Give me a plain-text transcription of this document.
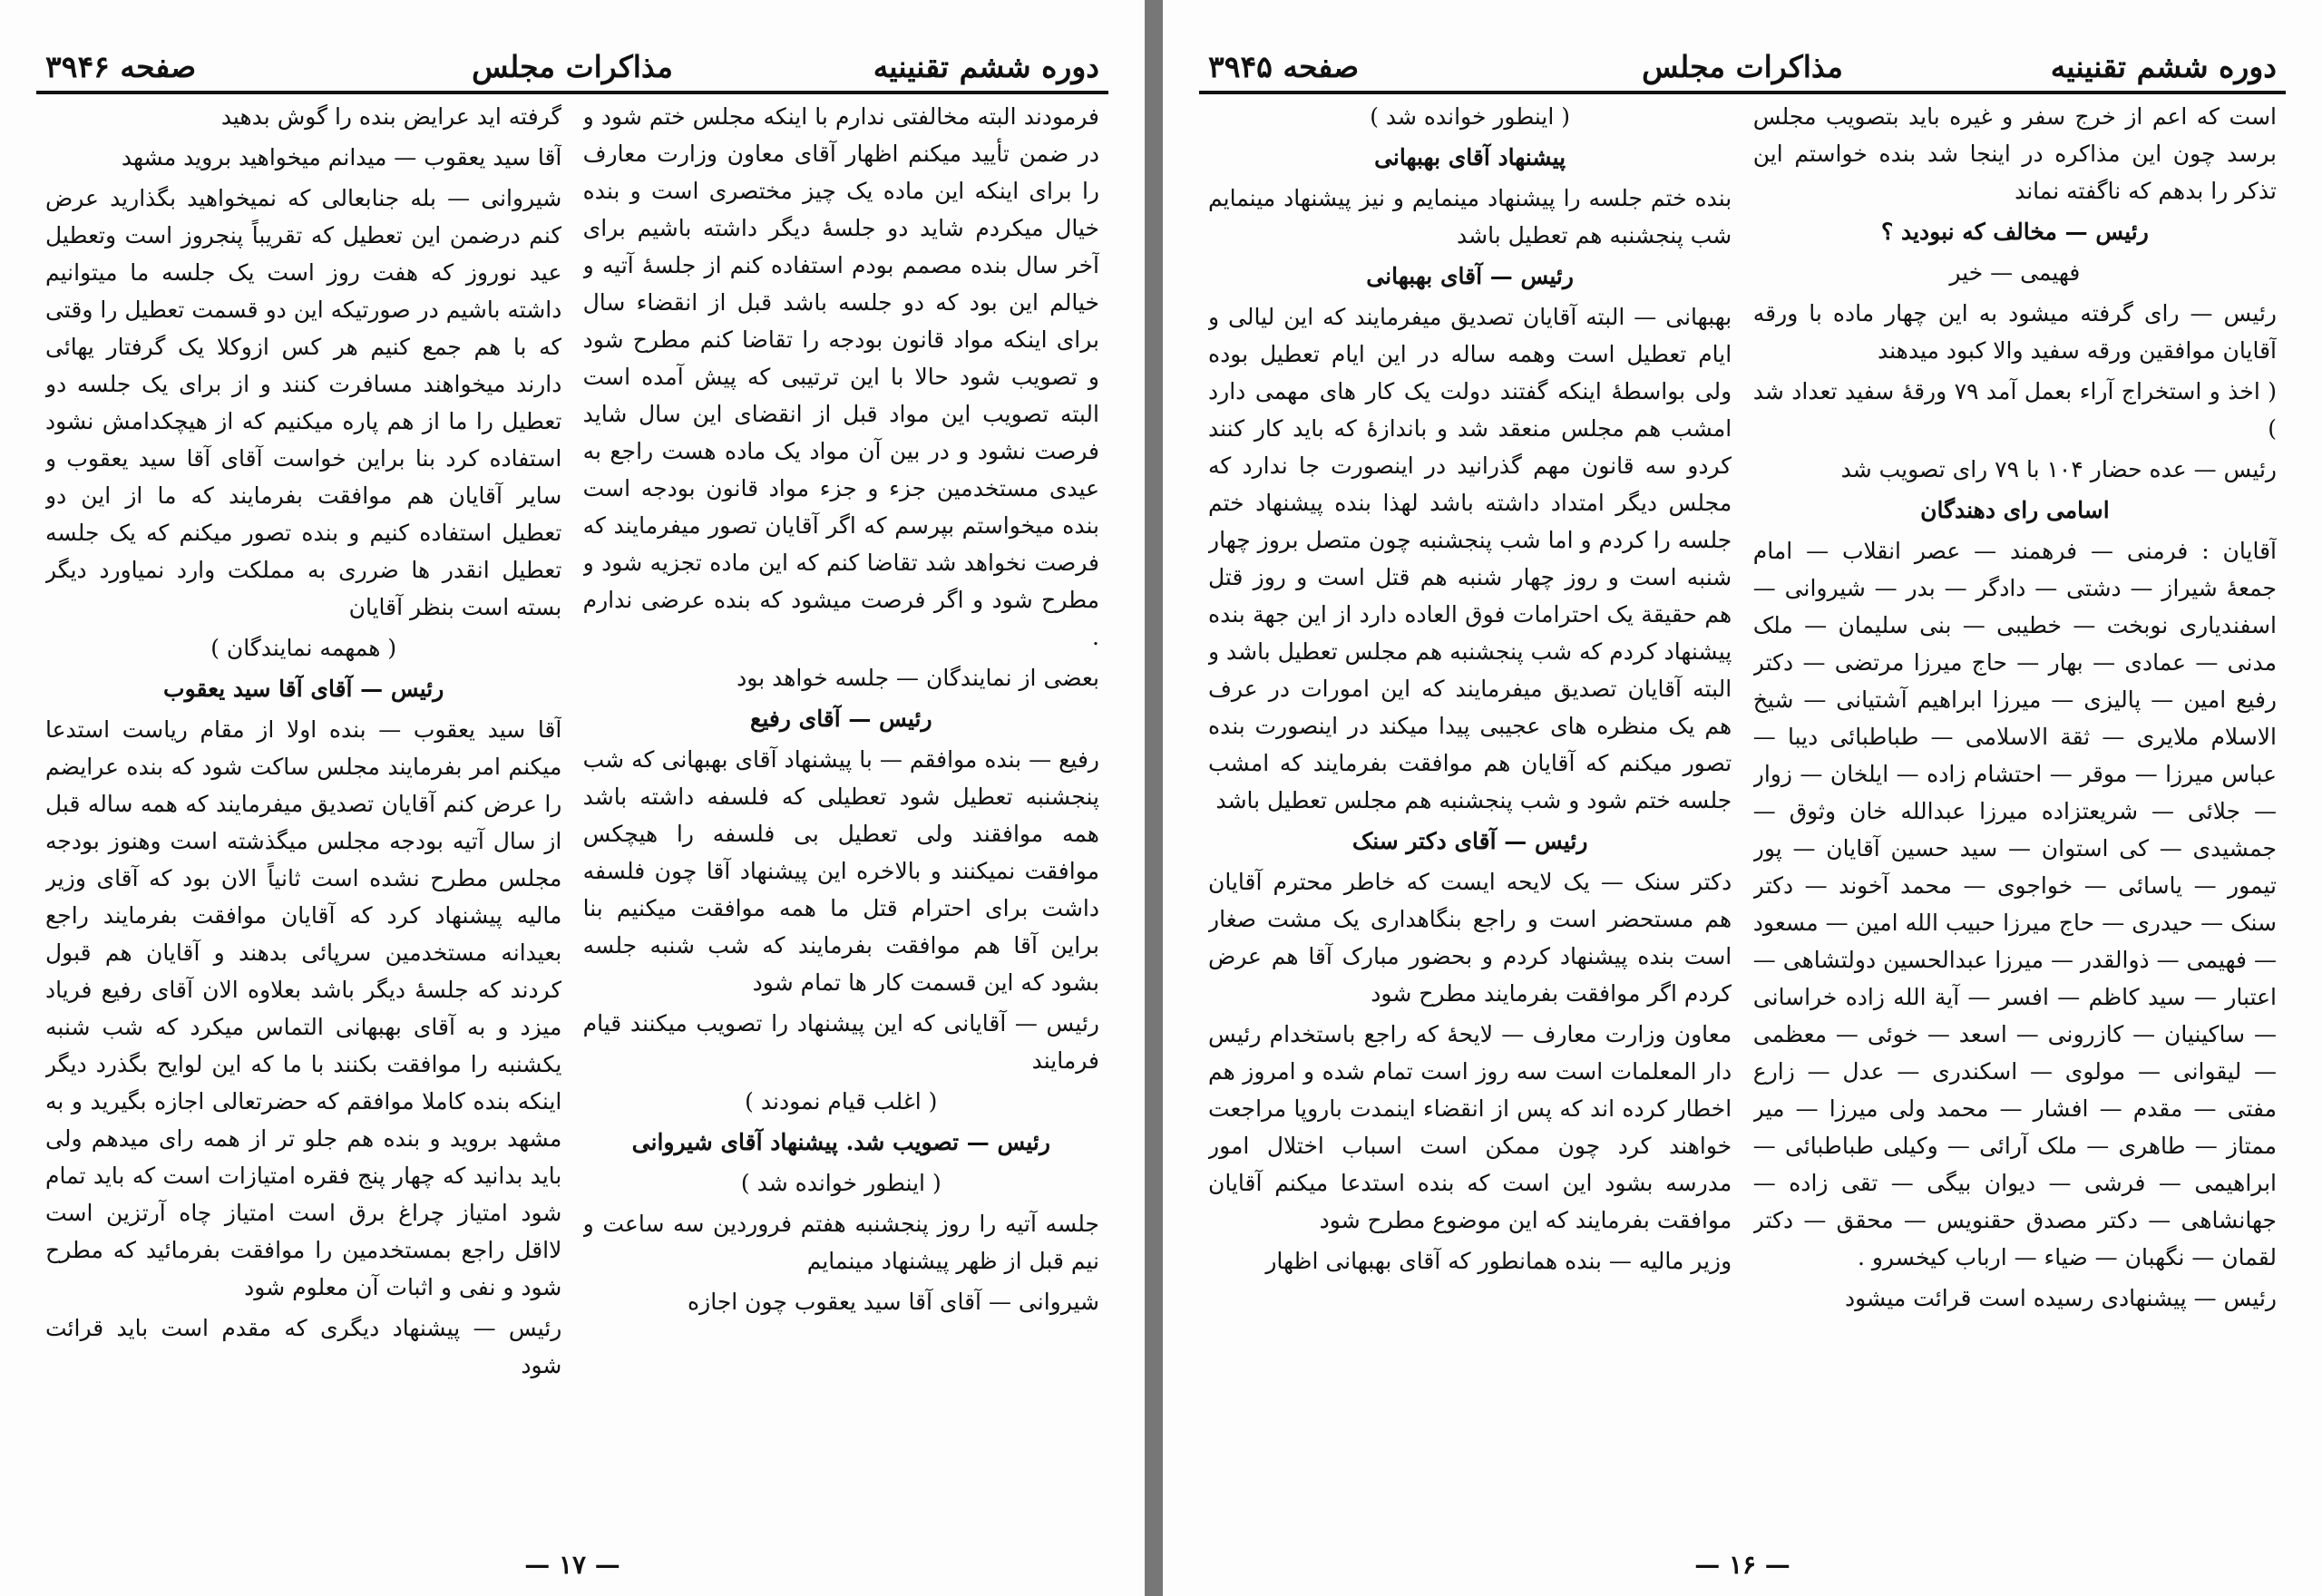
دوره ششم تقنینیه
مذاکرات مجلس
صفحه ۳۹۴۶
فرمودند البته مخالفتی ندارم با اینکه مجلس ختم شود و در ضمن تأیید میکنم اظهار آقای معاون وزارت معارف را برای اینکه این ماده یک چیز مختصری است و بنده خیال میکردم شاید دو جلسهٔ دیگر داشته باشیم برای آخر سال بنده مصمم بودم استفاده کنم از جلسهٔ آتیه و خیالم این بود که دو جلسه باشد قبل از انقضاء سال برای اینکه مواد قانون بودجه را تقاضا کنم مطرح شود و تصویب شود حالا با این ترتیبی که پیش آمده است البته تصویب این مواد قبل از انقضای این سال شاید فرصت نشود و در بین آن مواد یک ماده هست راجع به عیدی مستخدمین جزء و جزء مواد قانون بودجه است بنده میخواستم بپرسم که اگر آقایان تصور میفرمایند که فرصت نخواهد شد تقاضا کنم که این ماده تجزیه شود و مطرح شود و اگر فرصت میشود که بنده عرضی ندارم .
بعضی از نمایندگان — جلسه خواهد بود
رئیس — آقای رفیع
رفیع — بنده موافقم — با پیشنهاد آقای بهبهانی که شب پنجشنبه تعطیل شود تعطیلی که فلسفه داشته باشد همه موافقند ولی تعطیل بی فلسفه را هیچکس موافقت نمیکنند و بالاخره این پیشنهاد آقا چون فلسفه داشت برای احترام قتل ما همه موافقت میکنیم بنا براین آقا هم موافقت بفرمایند که شب شنبه جلسه بشود که این قسمت کار ها تمام شود
رئیس — آقایانی که این پیشنهاد را تصویب میکنند قیام فرمایند
( اغلب قیام نمودند )
رئیس — تصویب شد. پیشنهاد آقای شیروانی
( اینطور خوانده شد )
جلسه آتیه را روز پنجشنبه هفتم فروردین سه ساعت و نیم قبل از ظهر پیشنهاد مینمایم
شیروانی — آقای آقا سید یعقوب چون اجازه
گرفته اید عرایض بنده را گوش بدهید
آقا سید یعقوب — میدانم میخواهید بروید مشهد
شیروانی — بله جنابعالی که نمیخواهید بگذارید عرض کنم درضمن این تعطیل که تقریباً پنجروز است وتعطیل عید نوروز که هفت روز است یک جلسه ما میتوانیم داشته باشیم در صورتیکه این دو قسمت تعطیل را وقتی که با هم جمع کنیم هر کس ازوکلا یک گرفتار یهائی دارند میخواهند مسافرت کنند و از برای یک جلسه دو تعطیل را ما از هم پاره میکنیم که از هیچکدامش نشود استفاده کرد بنا براین خواست آقای آقا سید یعقوب و سایر آقایان هم موافقت بفرمایند که ما از این دو تعطیل استفاده کنیم و بنده تصور میکنم که یک جلسه تعطیل انقدر ها ضرری به مملکت وارد نمیاورد دیگر بسته است بنظر آقایان
( همهمه نمایندگان )
رئیس — آقای آقا سید یعقوب
آقا سید یعقوب — بنده اولا از مقام ریاست استدعا میکنم امر بفرمایند مجلس ساکت شود که بنده عرایضم را عرض کنم آقایان تصدیق میفرمایند که همه ساله قبل از سال آتیه بودجه مجلس میگذشته است وهنوز بودجه مجلس مطرح نشده است ثانیاً الان بود که آقای وزیر مالیه پیشنهاد کرد که آقایان موافقت بفرمایند راجع بعیدانه مستخدمین سرپائی بدهند و آقایان هم قبول کردند که جلسهٔ دیگر باشد بعلاوه الان آقای رفیع فریاد میزد و به آقای بهبهانی التماس میکرد که شب شنبه یکشنبه را موافقت بکنند با ما که این لوایح بگذرد دیگر اینکه بنده کاملا موافقم که حضرتعالی اجازه بگیرید و به مشهد بروید و بنده هم جلو تر از همه رای میدهم ولی باید بدانید که چهار پنج فقره امتیازات است که باید تمام شود امتیاز چراغ برق است امتیاز چاه آرتزین است لااقل راجع بمستخدمین را موافقت بفرمائید که مطرح شود و نفی و اثبات آن معلوم شود
رئیس — پیشنهاد دیگری که مقدم است باید قرائت شود
— ۱۷ —
دوره ششم تقنینیه
مذاکرات مجلس
صفحه ۳۹۴۵
است که اعم از خرج سفر و غیره باید بتصویب مجلس برسد چون این مذاکره در اینجا شد بنده خواستم این تذکر را بدهم که ناگفته نماند
رئیس — مخالف که نبودید ؟
فهیمی — خیر
رئیس — رای گرفته میشود به این چهار ماده با ورقه آقایان موافقین ورقه سفید والا کبود میدهند
( اخذ و استخراج آراء بعمل آمد ۷۹ ورقهٔ سفید تعداد شد )
رئیس — عده حضار ۱۰۴ با ۷۹ رای تصویب شد
اسامی رای دهندگان
آقایان : فرمنی — فرهمند — عصر انقلاب — امام جمعهٔ شیراز — دشتی — دادگر — بدر — شیروانی — اسفندیاری نوبخت — خطیبی — بنی سلیمان — ملک مدنی — عمادی — بهار — حاج میرزا مرتضی — دکتر رفیع امین — پالیزی — میرزا ابراهیم آشتیانی — شیخ الاسلام ملایری — ثقة الاسلامی — طباطبائی دیبا — عباس میرزا — موقر — احتشام زاده — ایلخان — زوار — جلائی — شریعتزاده میرزا عبدالله خان وثوق — جمشیدی — کی استوان — سید حسین آقایان — پور تیمور — یاسائی — خواجوی — محمد آخوند — دکتر سنک — حیدری — حاج میرزا حبیب الله امین — مسعود — فهیمی — ذوالقدر — میرزا عبدالحسین دولتشاهی — اعتبار — سید کاظم — افسر — آیة الله زاده خراسانی — ساکینیان — کازرونی — اسعد — خوئی — معظمی — لیقوانی — مولوی — اسکندری — عدل — زارع مفتی — مقدم — افشار — محمد ولی میرزا — میر ممتاز — طاهری — ملک آرائی — وکیلی طباطبائی — ابراهیمی — فرشی — دیوان بیگی — تقی زاده — جهانشاهی — دکتر مصدق حقنویس — محقق — دکتر لقمان — نگهبان — ضیاء — ارباب کیخسرو .
رئیس — پیشنهادی رسیده است قرائت میشود
( اینطور خوانده شد )
پیشنهاد آقای بهبهانی
بنده ختم جلسه را پیشنهاد مینمایم و نیز پیشنهاد مینمایم شب پنجشنبه هم تعطیل باشد
رئیس — آقای بهبهانی
بهبهانی — البته آقایان تصدیق میفرمایند که این لیالی و ایام تعطیل است وهمه ساله در این ایام تعطیل بوده ولی بواسطهٔ اینکه گفتند دولت یک کار های مهمی دارد امشب هم مجلس منعقد شد و باندازهٔ که باید کار کنند کردو سه قانون مهم گذرانید در اینصورت جا ندارد که مجلس دیگر امتداد داشته باشد لهذا بنده پیشنهاد ختم جلسه را کردم و اما شب پنجشنبه چون متصل بروز چهار شنبه است و روز چهار شنبه هم قتل است و روز قتل هم حقیقة یک احترامات فوق العاده دارد از این جهة بنده پیشنهاد کردم که شب پنجشنبه هم مجلس تعطیل باشد و البته آقایان تصدیق میفرمایند که این امورات در عرف هم یک منظره های عجیبی پیدا میکند در اینصورت بنده تصور میکنم که آقایان هم موافقت بفرمایند که امشب جلسه ختم شود و شب پنجشنبه هم مجلس تعطیل باشد
رئیس — آقای دکتر سنک
دکتر سنک — یک لایحه ایست که خاطر محترم آقایان هم مستحضر است و راجع بنگاهداری یک مشت صغار است بنده پیشنهاد کردم و بحضور مبارک آقا هم عرض کردم اگر موافقت بفرمایند مطرح شود
معاون وزارت معارف — لایحهٔ که راجع باستخدام رئیس دار المعلمات است سه روز است تمام شده و امروز هم اخطار کرده اند که پس از انقضاء اینمدت باروپا مراجعت خواهند کرد چون ممکن است اسباب اختلال امور مدرسه بشود این است که بنده استدعا میکنم آقایان موافقت بفرمایند که این موضوع مطرح شود
وزیر مالیه — بنده همانطور که آقای بهبهانی اظهار
— ۱۶ —
